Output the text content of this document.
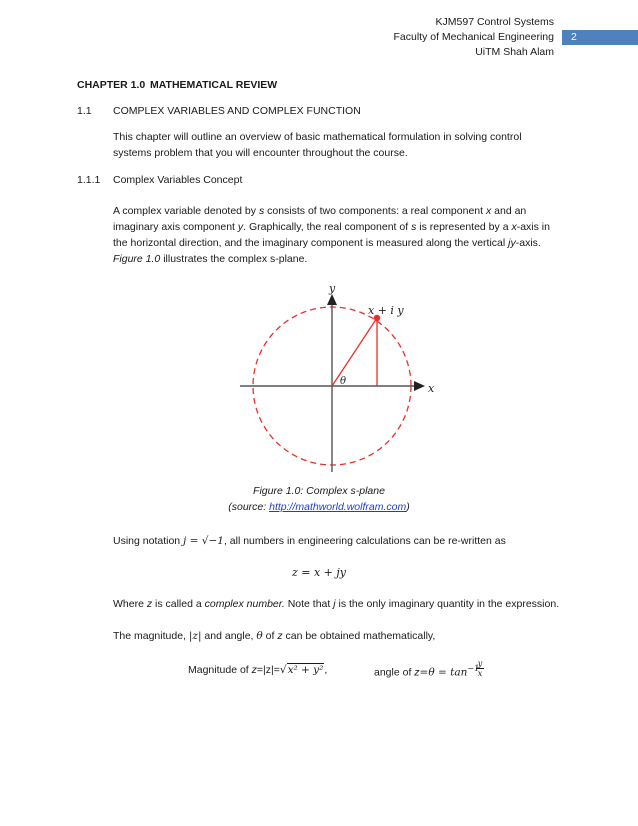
KJM597 Control Systems
Faculty of Mechanical Engineering
UiTM Shah Alam
2
CHAPTER 1.0 MATHEMATICAL REVIEW
1.1 COMPLEX VARIABLES AND COMPLEX FUNCTION
This chapter will outline an overview of basic mathematical formulation in solving control
systems problem that you will encounter throughout the course.
1.1.1 Complex Variables Concept
A complex variable denoted by s consists of two components: a real component x and an
imaginary axis component y. Graphically, the real component of s is represented by a x-axis in
the horizontal direction, and the imaginary component is measured along the vertical jy-axis.
Figure 1.0 illustrates the complex s-plane.
x
y
x + i y
θ
Figure 1.0: Complex s-plane
(source: http://mathworld.wolfram.com)
Using notation j = √−1, all numbers in engineering calculations can be re-written as
z = x + jy
Where z is called a complex number. Note that j is the only imaginary quantity in the expression.
The magnitude, |z| and angle, θ of z can be obtained mathematically,
Magnitude of z=|z|=√x² + y²,	angle of $z=\theta = \tan^{-1}$
y
x
